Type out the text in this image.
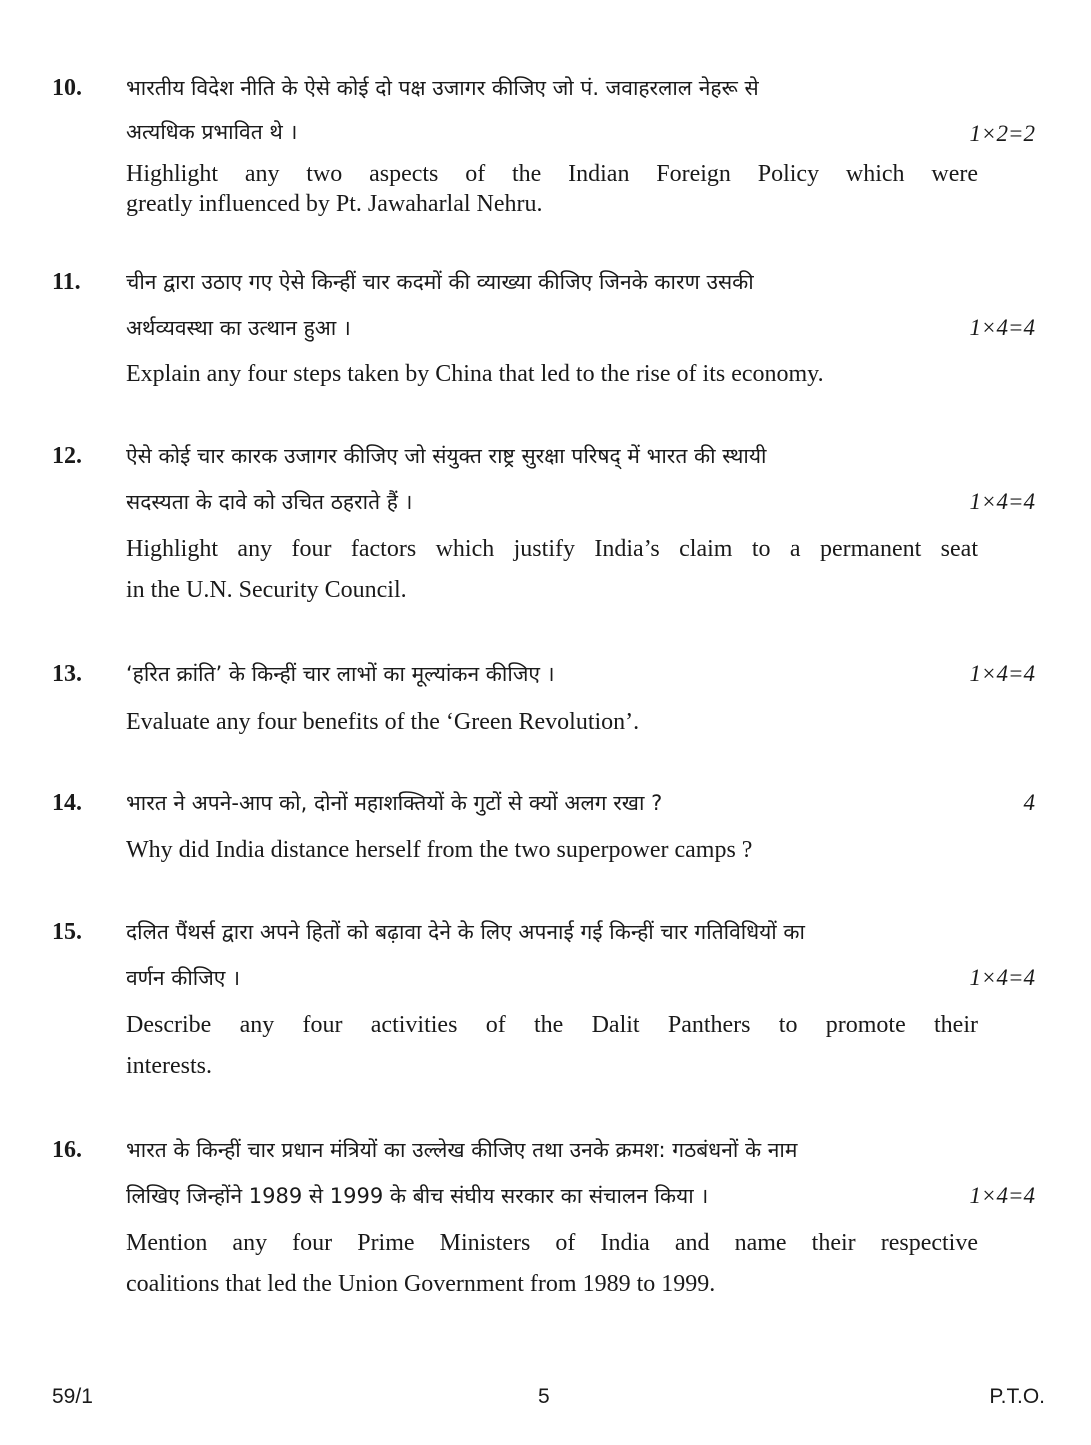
10. भारतीय विदेश नीति के ऐसे कोई दो पक्ष उजागर कीजिए जो पं. जवाहरलाल नेहरू से
अत्यधिक प्रभावित थे ।	1×2=2
Highlight any two aspects of the Indian Foreign Policy which were
greatly influenced by Pt. Jawaharlal Nehru.
11. चीन द्वारा उठाए गए ऐसे किन्हीं चार कदमों की व्याख्या कीजिए जिनके कारण उसकी
अर्थव्यवस्था का उत्थान हुआ ।	1×4=4
Explain any four steps taken by China that led to the rise of its economy.
12. ऐसे कोई चार कारक उजागर कीजिए जो संयुक्त राष्ट्र सुरक्षा परिषद् में भारत की स्थायी
सदस्यता के दावे को उचित ठहराते हैं ।	1×4=4
Highlight any four factors which justify India’s claim to a permanent seat
in the U.N. Security Council.
13. ‘हरित क्रांति’ के किन्हीं चार लाभों का मूल्यांकन कीजिए ।	1×4=4
Evaluate any four benefits of the ‘Green Revolution’.
14. भारत ने अपने-आप को, दोनों महाशक्तियों के गुटों से क्यों अलग रखा ?	4
Why did India distance herself from the two superpower camps ?
15. दलित पैंथर्स द्वारा अपने हितों को बढ़ावा देने के लिए अपनाई गई किन्हीं चार गतिविधियों का
वर्णन कीजिए ।	1×4=4
Describe any four activities of the Dalit Panthers to promote their
interests.
16. भारत के किन्हीं चार प्रधान मंत्रियों का उल्लेख कीजिए तथा उनके क्रमश: गठबंधनों के नाम
लिखिए जिन्होंने 1989 से 1999 के बीच संघीय सरकार का संचालन किया ।	1×4=4
Mention any four Prime Ministers of India and name their respective
coalitions that led the Union Government from 1989 to 1999.
59/1	5	P.T.O.
